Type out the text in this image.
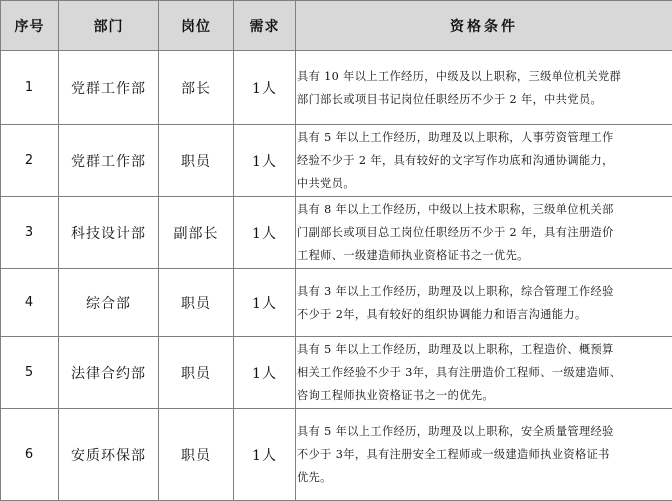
序号	部门	岗位	需求	资格条件
1	党群工作部	部长	1人	具有 10 年以上工作经历，中级及以上职称，三级单位机关党群
部门部长或项目书记岗位任职经历不少于 2 年，中共党员。

2	党群工作部	职员	1人	具有 5 年以上工作经历，助理及以上职称，人事劳资管理工作
经验不少于 2 年，具有较好的文字写作功底和沟通协调能力，
中共党员。

3	科技设计部	副部长	1人	具有 8 年以上工作经历，中级以上技术职称，三级单位机关部
门副部长或项目总工岗位任职经历不少于 2 年，具有注册造价
工程师、一级建造师执业资格证书之一优先。

4	综合部	职员	1人	具有 3 年以上工作经历，助理及以上职称，综合管理工作经验
不少于 2年，具有较好的组织协调能力和语言沟通能力。

5	法律合约部	职员	1人	具有 5 年以上工作经历，助理及以上职称，工程造价、概预算
相关工作经验不少于 3年，具有注册造价工程师、一级建造师、
咨询工程师执业资格证书之一的优先。

6	安质环保部	职员	1人	具有 5 年以上工作经历，助理及以上职称，安全质量管理经验
不少于 3年，具有注册安全工程师或一级建造师执业资格证书
优先。
